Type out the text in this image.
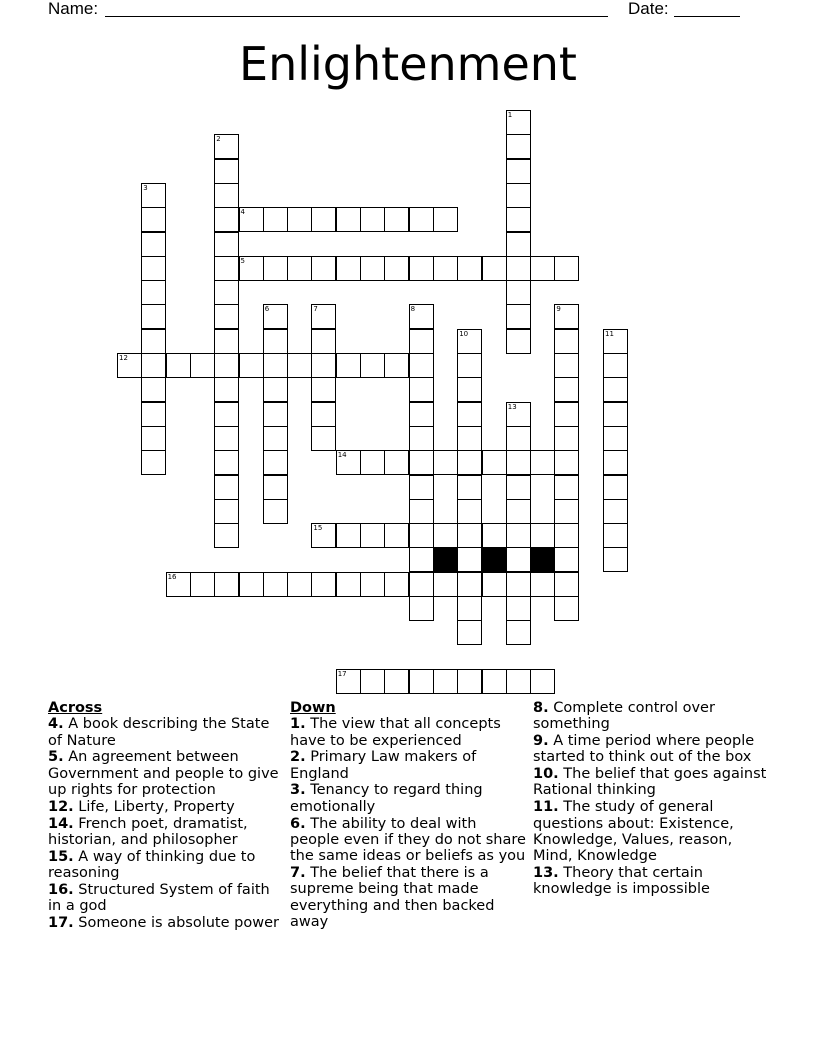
Name:	Date:
Enlightenment
1
2
3
4
5
6	7	8	9
10	11
12
13
14
15
16
17
Across
4. A book describing the State of Nature
5. An agreement between Government and people to give up rights for protection
12. Life, Liberty, Property
14. French poet, dramatist, historian, and philosopher
15. A way of thinking due to reasoning
16. Structured System of faith in a god
17. Someone is absolute power
Down
1. The view that all concepts have to be experienced
2. Primary Law makers of England
3. Tenancy to regard thing emotionally
6. The ability to deal with people even if they do not share the same ideas or beliefs as you
7. The belief that there is a supreme being that made everything and then backed away
8. Complete control over something
9. A time period where people started to think out of the box
10. The belief that goes against Rational thinking
11. The study of general questions about: Existence, Knowledge, Values, reason, Mind, Knowledge
13. Theory that certain knowledge is impossible
